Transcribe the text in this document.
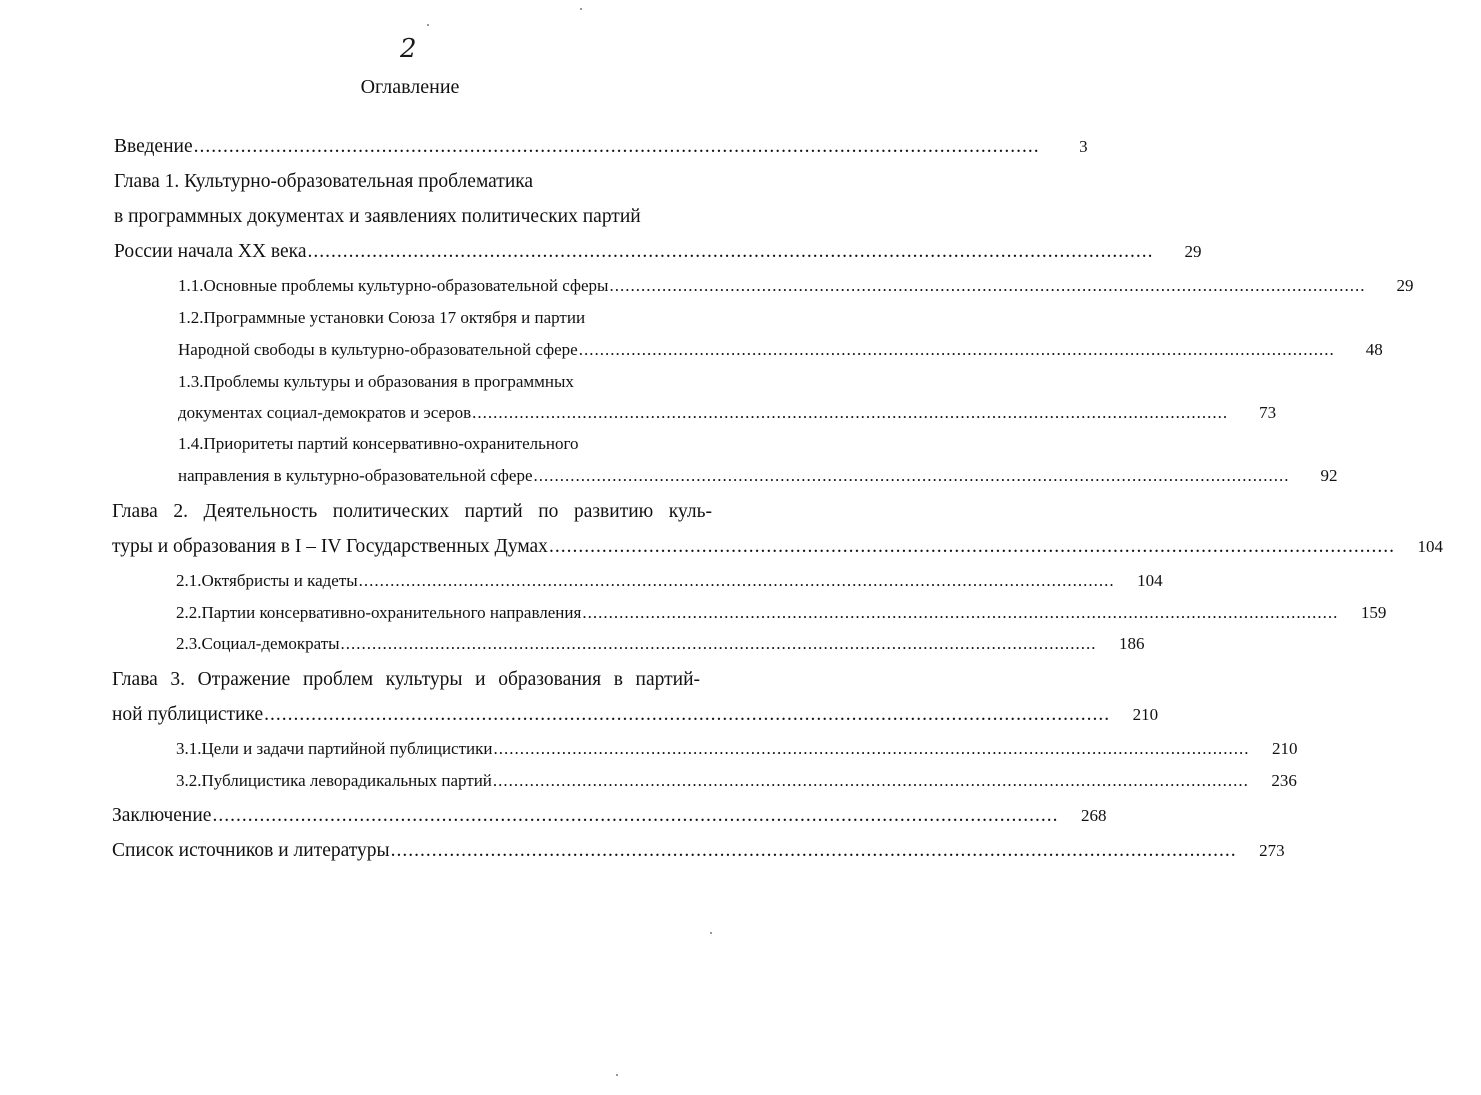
2
Оглавление
Введение ................................................................................................................................................	3
Глава 1. Культурно-образовательная проблематика
в программных документах и заявлениях политических партий
России начала XX века ................................................................................................................................................	29
1.1.Основные проблемы культурно-образовательной сферы ................................................................................................................................................	29
1.2.Программные установки Союза 17 октября и партии
Народной свободы в культурно-образовательной сфере ................................................................................................................................................	48
1.3.Проблемы культуры и образования в программных
документах социал-демократов и эсеров ................................................................................................................................................	73
1.4.Приоритеты партий консервативно-охранительного
направления в культурно-образовательной сфере ................................................................................................................................................	92
Глава 2. Деятельность политических партий по развитию куль-
туры и образования в I – IV Государственных Думах ................................................................................................................................................	104
2.1.Октябристы и кадеты ................................................................................................................................................	104
2.2.Партии консервативно-охранительного направления ................................................................................................................................................	159
2.3.Социал-демократы ................................................................................................................................................	186
Глава 3. Отражение проблем культуры и образования в партий-
ной публицистике ................................................................................................................................................	210
3.1.Цели и задачи партийной публицистики ................................................................................................................................................	210
3.2.Публицистика леворадикальных партий ................................................................................................................................................	236
Заключение ................................................................................................................................................	268
Список источников и литературы ................................................................................................................................................	273
